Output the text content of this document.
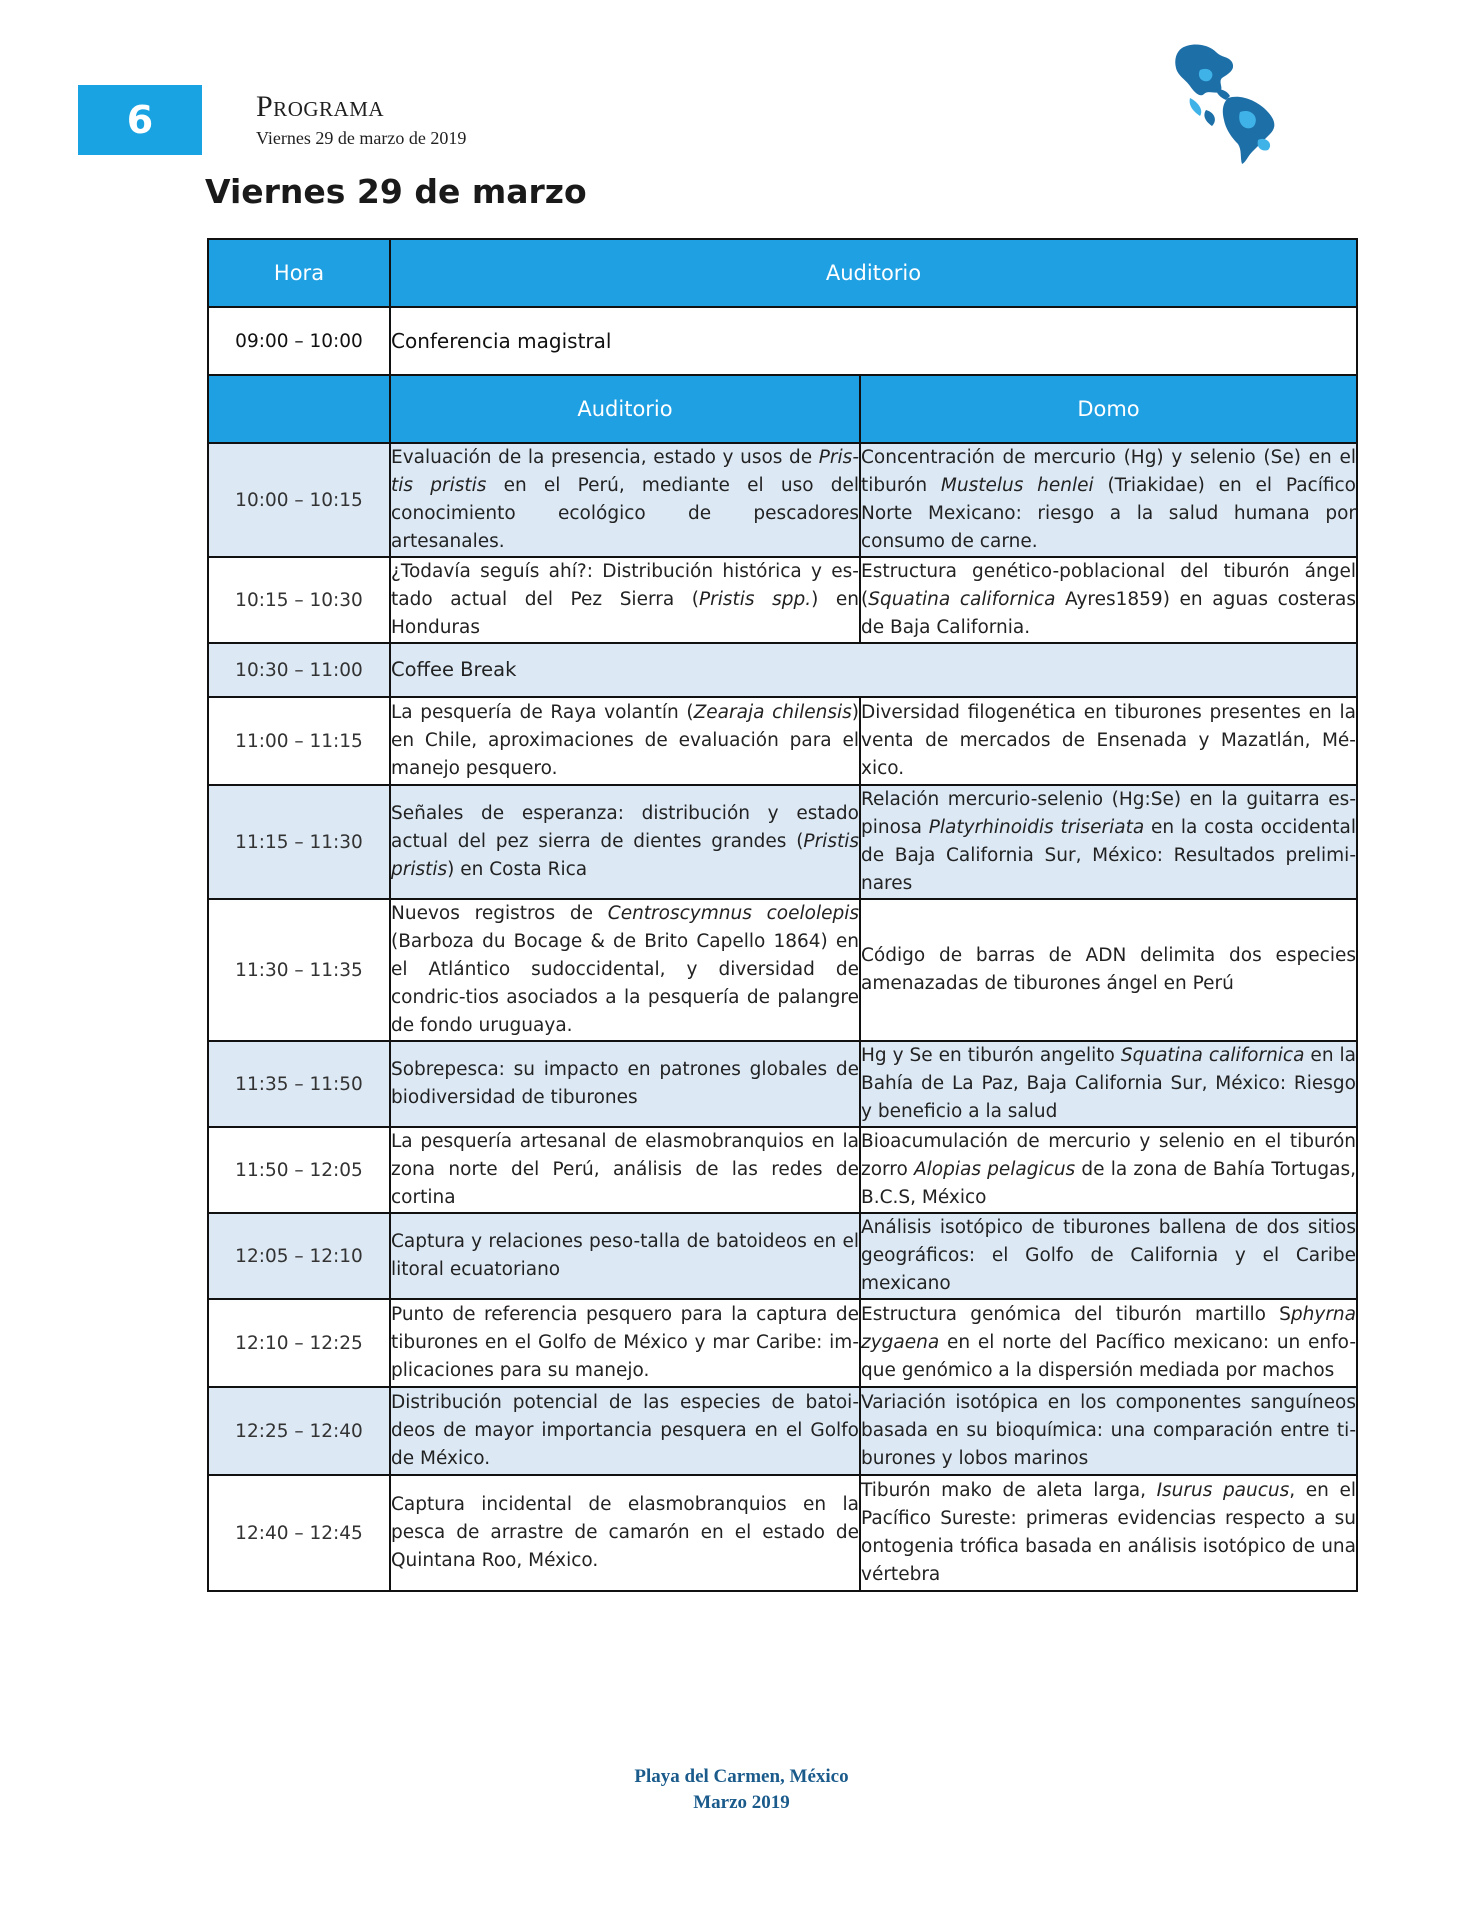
6	Programa
Viernes 29 de marzo de 2019
Viernes 29 de marzo
Hora	Auditorio	
09:00 – 10:00	Conferencia magistral	
	Auditorio	Domo
10:00 – 10:15	Evaluación de la presencia, estado y usos de Pris-tis pristis en el Perú, mediante el uso del conocimiento ecológico de pescadores artesanales.	Concentración de mercurio (Hg) y selenio (Se) en el tiburón Mustelus henlei (Triakidae) en el Pacífico Norte Mexicano: riesgo a la salud humana por consumo de carne.
10:15 – 10:30	¿Todavía seguís ahí?: Distribución histórica y es-tado actual del Pez Sierra (Pristis spp.) en Honduras	Estructura genético-poblacional del tiburón ángel (Squatina californica Ayres1859) en aguas costeras de Baja California.
10:30 – 11:00	Coffee Break	
11:00 – 11:15	La pesquería de Raya volantín (Zearaja chilensis) en Chile, aproximaciones de evaluación para el manejo pesquero.	Diversidad filogenética en tiburones presentes en la venta de mercados de Ensenada y Mazatlán, Mé-xico.
11:15 – 11:30	Señales de esperanza: distribución y estado actual del pez sierra de dientes grandes (Pristis pristis) en Costa Rica	Relación mercurio-selenio (Hg:Se) en la guitarra es-pinosa Platyrhinoidis triseriata en la costa occidental de Baja California Sur, México: Resultados prelimi-nares
11:30 – 11:35	Nuevos registros de Centroscymnus coelolepis (Barboza du Bocage & de Brito Capello 1864) en el Atlántico sudoccidental, y diversidad de condric-tios asociados a la pesquería de palangre de fondo uruguaya.	Código de barras de ADN delimita dos especies amenazadas de tiburones ángel en Perú
11:35 – 11:50	Sobrepesca: su impacto en patrones globales de biodiversidad de tiburones	Hg y Se en tiburón angelito Squatina californica en la Bahía de La Paz, Baja California Sur, México: Riesgo y beneficio a la salud
11:50 – 12:05	La pesquería artesanal de elasmobranquios en la zona norte del Perú, análisis de las redes de cortina	Bioacumulación de mercurio y selenio en el tiburón zorro Alopias pelagicus de la zona de Bahía Tortugas, B.C.S, México
12:05 – 12:10	Captura y relaciones peso-talla de batoideos en el litoral ecuatoriano	Análisis isotópico de tiburones ballena de dos sitios geográficos: el Golfo de California y el Caribe mexicano
12:10 – 12:25	Punto de referencia pesquero para la captura de tiburones en el Golfo de México y mar Caribe: im-plicaciones para su manejo.	Estructura genómica del tiburón martillo Sphyrna zygaena en el norte del Pacífico mexicano: un enfo-que genómico a la dispersión mediada por machos
12:25 – 12:40	Distribución potencial de las especies de batoi-deos de mayor importancia pesquera en el Golfo de México.	Variación isotópica en los componentes sanguíneos basada en su bioquímica: una comparación entre ti-burones y lobos marinos
12:40 – 12:45	Captura incidental de elasmobranquios en la pesca de arrastre de camarón en el estado de Quintana Roo, México.	Tiburón mako de aleta larga, Isurus paucus, en el Pacífico Sureste: primeras evidencias respecto a su ontogenia trófica basada en análisis isotópico de una vértebra
Playa del Carmen, México
Marzo 2019
